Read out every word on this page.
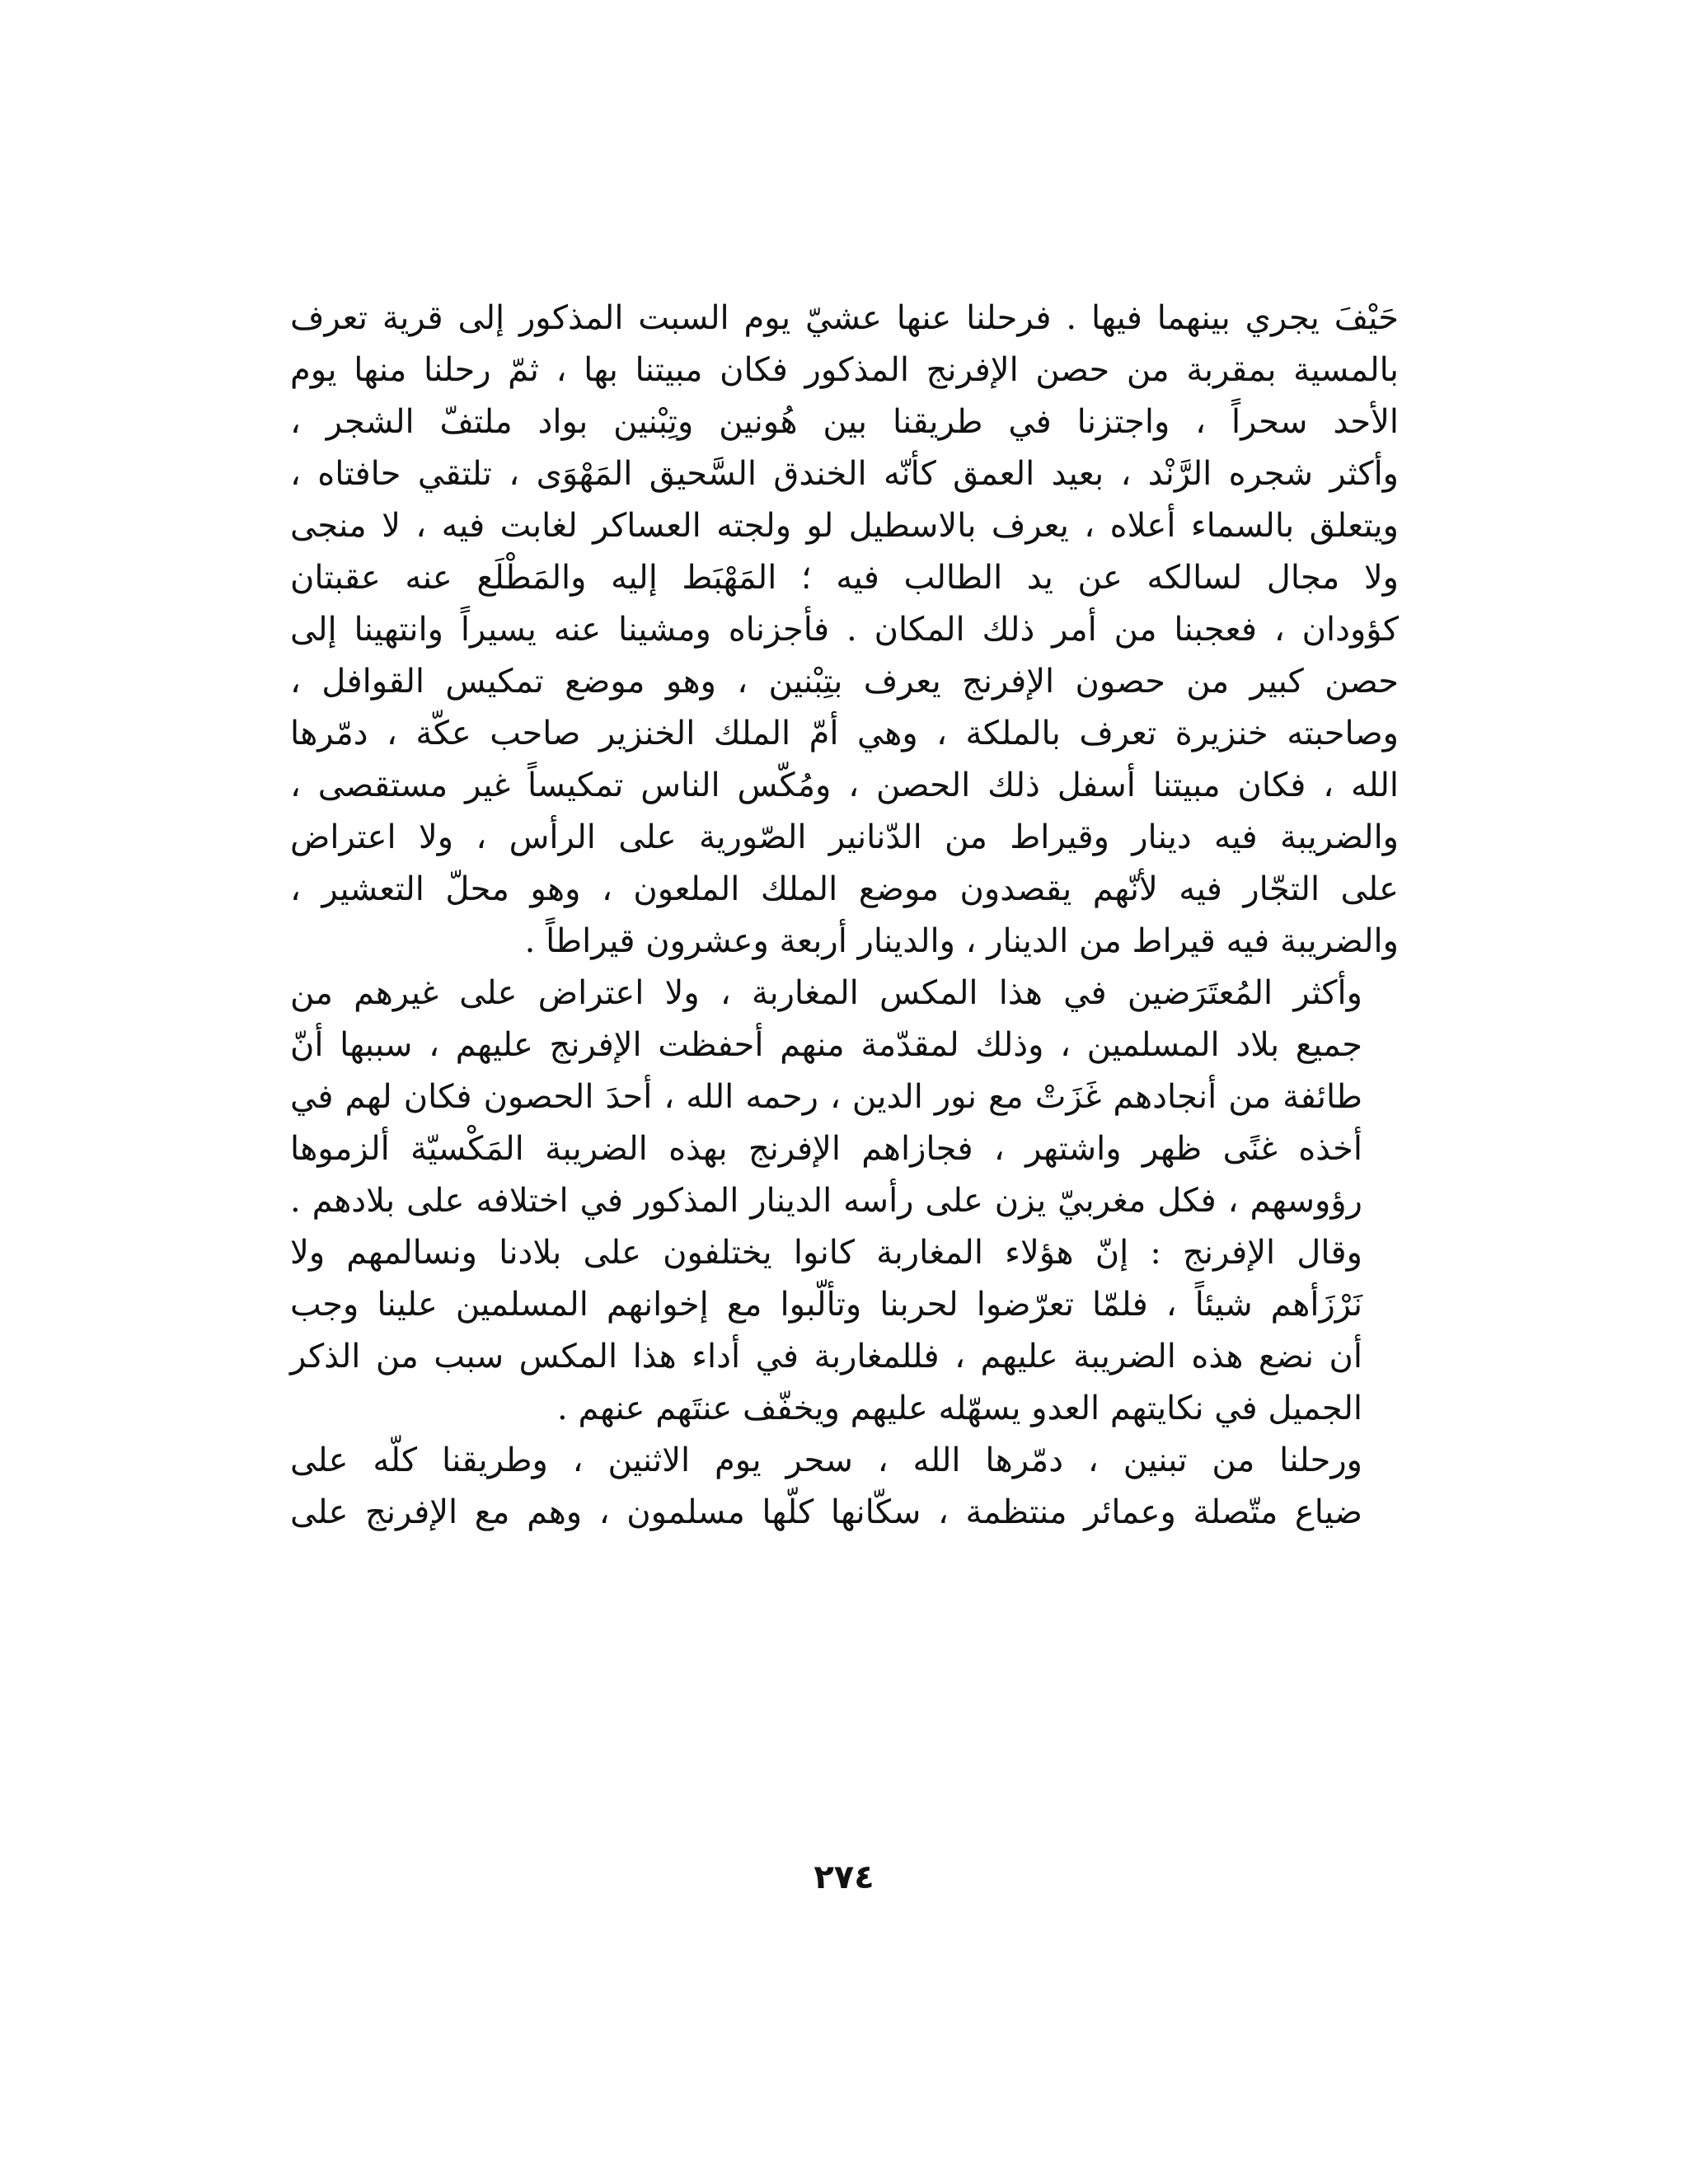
حَيْفَ يجري بينهما فيها . فرحلنا عنها عشيّ يوم السبت المذكور إلى قرية تعرف
بالمسية بمقربة من حصن الإفرنج المذكور فكان مبيتنا بها ، ثمّ رحلنا منها يوم
الأحد سحراً ، واجتزنا في طريقنا بين هُونين وتِبْنين بواد ملتفّ الشجر ،
وأكثر شجره الرَّنْد ، بعيد العمق كأنّه الخندق السَّحيق المَهْوَى ، تلتقي حافتاه ،
ويتعلق بالسماء أعلاه ، يعرف بالاسطيل لو ولجته العساكر لغابت فيه ، لا منجى
ولا مجال لسالكه عن يد الطالب فيه ؛ المَهْبَط إليه والمَطْلَع عنه عقبتان
كؤودان ، فعجبنا من أمر ذلك المكان . فأجزناه ومشينا عنه يسيراً وانتهينا إلى
حصن كبير من حصون الإفرنج يعرف بتِبْنين ، وهو موضع تمكيس القوافل ،
وصاحبته خنزيرة تعرف بالملكة ، وهي أمّ الملك الخنزير صاحب عكّة ، دمّرها
الله ، فكان مبيتنا أسفل ذلك الحصن ، ومُكّس الناس تمكيساً غير مستقصى ،
والضريبة فيه دينار وقيراط من الدّنانير الصّورية على الرأس ، ولا اعتراض
على التجّار فيه لأنّهم يقصدون موضع الملك الملعون ، وهو محلّ التعشير ،
والضريبة فيه قيراط من الدينار ، والدينار أربعة وعشرون قيراطاً .
وأكثر المُعتَرَضين في هذا المكس المغاربة ، ولا اعتراض على غيرهم من
جميع بلاد المسلمين ، وذلك لمقدّمة منهم أحفظت الإفرنج عليهم ، سببها أنّ
طائفة من أنجادهم غَزَتْ مع نور الدين ، رحمه الله ، أحدَ الحصون فكان لهم في
أخذه غنًى ظهر واشتهر ، فجازاهم الإفرنج بهذه الضريبة المَكْسيّة ألزموها
رؤوسهم ، فكل مغربيّ يزن على رأسه الدينار المذكور في اختلافه على بلادهم .
وقال الإفرنج : إنّ هؤلاء المغاربة كانوا يختلفون على بلادنا ونسالمهم ولا
نَرْزَأهم شيئاً ، فلمّا تعرّضوا لحربنا وتألّبوا مع إخوانهم المسلمين علينا وجب
أن نضع هذه الضريبة عليهم ، فللمغاربة في أداء هذا المكس سبب من الذكر
الجميل في نكايتهم العدو يسهّله عليهم ويخفّف عنتَهم عنهم .
ورحلنا من تبنين ، دمّرها الله ، سحر يوم الاثنين ، وطريقنا كلّه على
ضياع متّصلة وعمائر منتظمة ، سكّانها كلّها مسلمون ، وهم مع الإفرنج على
٢٧٤
